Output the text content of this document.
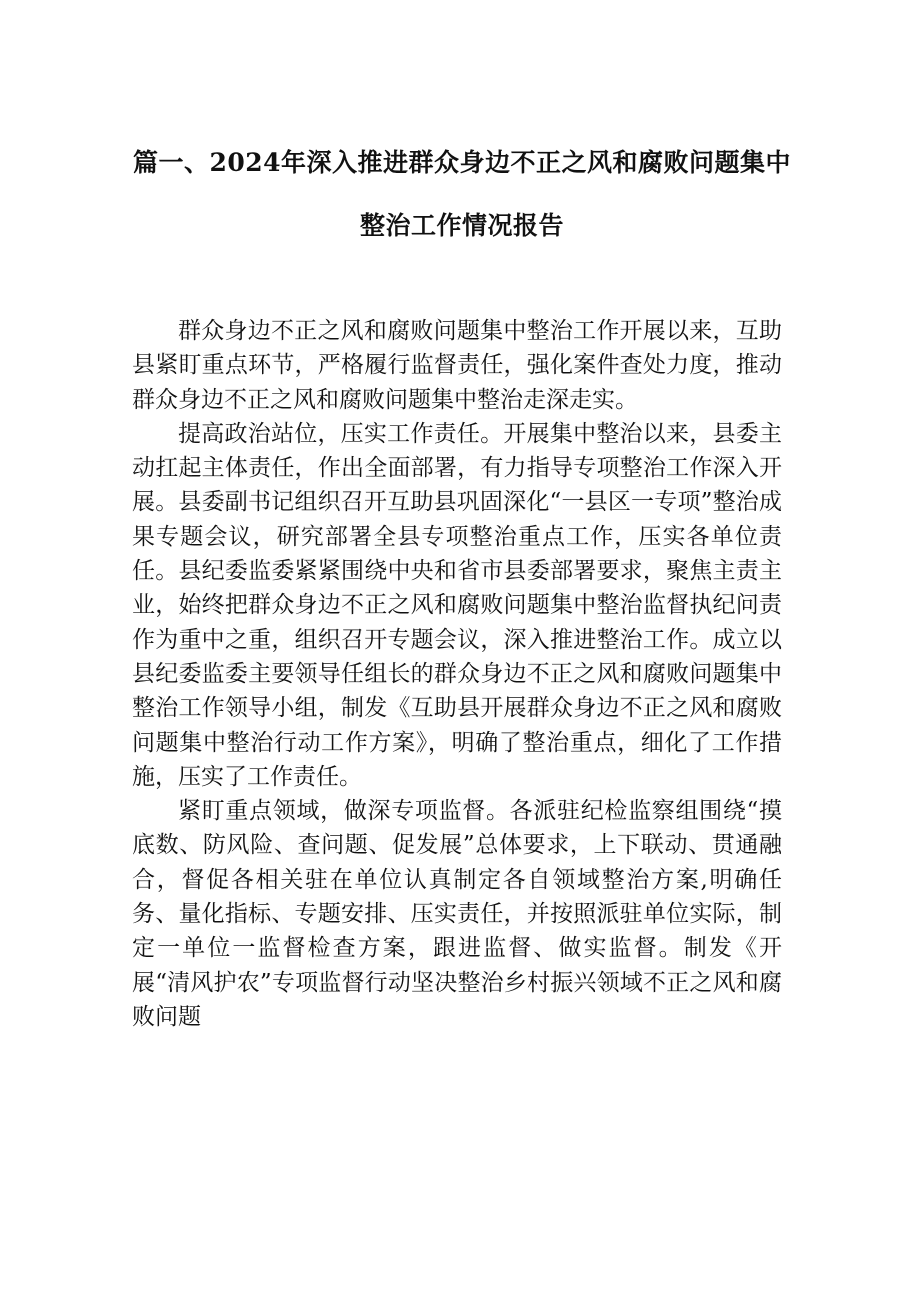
篇一、2024年深入推进群众身边不正之风和腐败问题集中
整治工作情况报告

群众身边不正之风和腐败问题集中整治工作开展以来，互助县紧盯重点环节，严格履行监督责任，强化案件查处力度，推动群众身边不正之风和腐败问题集中整治走深走实。

提高政治站位，压实工作责任。开展集中整治以来，县委主动扛起主体责任，作出全面部署，有力指导专项整治工作深入开展。县委副书记组织召开互助县巩固深化“一县区一专项”整治成果专题会议，研究部署全县专项整治重点工作，压实各单位责任。县纪委监委紧紧围绕中央和省市县委部署要求，聚焦主责主业，始终把群众身边不正之风和腐败问题集中整治监督执纪问责作为重中之重，组织召开专题会议，深入推进整治工作。成立以县纪委监委主要领导任组长的群众身边不正之风和腐败问题集中整治工作领导小组，制发《互助县开展群众身边不正之风和腐败问题集中整治行动工作方案》，明确了整治重点，细化了工作措施，压实了工作责任。

紧盯重点领域，做深专项监督。各派驻纪检监察组围绕“摸底数、防风险、查问题、促发展”总体要求，上下联动、贯通融合，督促各相关驻在单位认真制定各自领域整治方案,明确任务、量化指标、专题安排、压实责任，并按照派驻单位实际，制定一单位一监督检查方案，跟进监督、做实监督。制发《开展“清风护农”专项监督行动坚决整治乡村振兴领域不正之风和腐败问题
